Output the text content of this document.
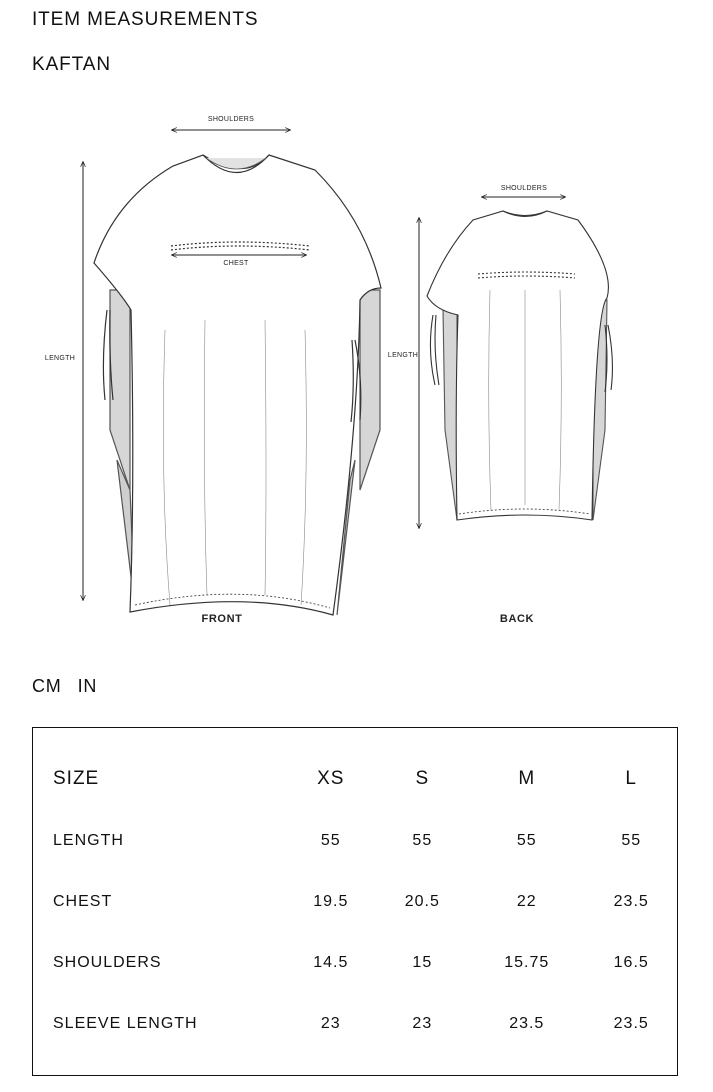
ITEM MEASUREMENTS
KAFTAN
SHOULDERS
CHEST
LENGTH
FRONT
SHOULDERS
LENGTH
BACK
CM IN
SIZE	XS	S	M	L
LENGTH	55	55	55	55
CHEST	19.5	20.5	22	23.5
SHOULDERS	14.5	15	15.75	16.5
SLEEVE LENGTH	23	23	23.5	23.5
